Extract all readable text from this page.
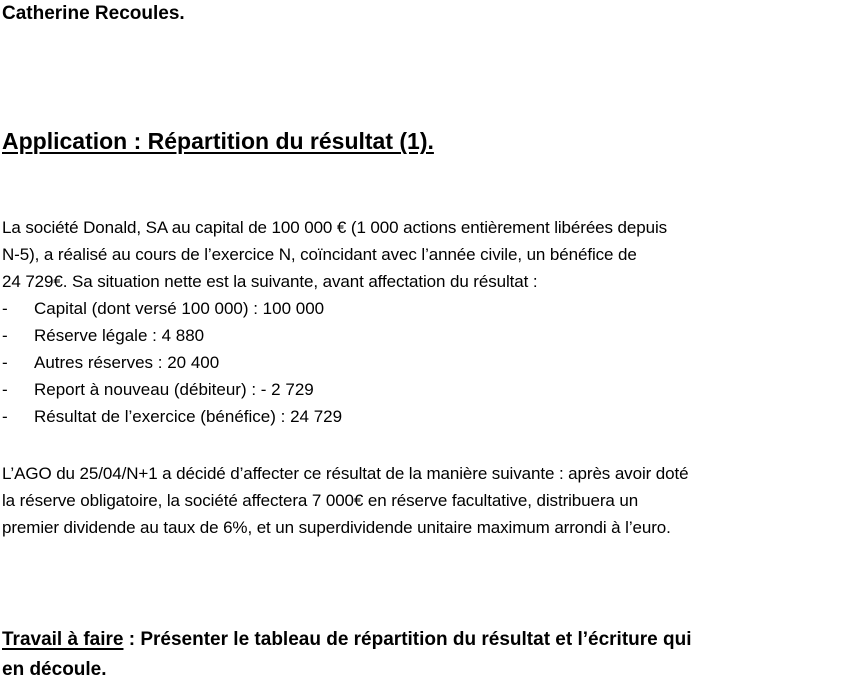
Catherine Recoules.
Application : Répartition du résultat (1).
La société Donald, SA au capital de 100 000 € (1 000 actions entièrement libérées depuis
N-5), a réalisé au cours de l’exercice N, coïncidant avec l’année civile, un bénéfice de
24 729€. Sa situation nette est la suivante, avant affectation du résultat :
- Capital (dont versé 100 000) : 100 000
- Réserve légale : 4 880
- Autres réserves : 20 400
- Report à nouveau (débiteur) : - 2 729
- Résultat de l’exercice (bénéfice) : 24 729
L’AGO du 25/04/N+1 a décidé d’affecter ce résultat de la manière suivante : après avoir doté
la réserve obligatoire, la société affectera 7 000€ en réserve facultative, distribuera un
premier dividende au taux de 6%, et un superdividende unitaire maximum arrondi à l’euro.
Travail à faire : Présenter le tableau de répartition du résultat et l’écriture qui
en découle.
